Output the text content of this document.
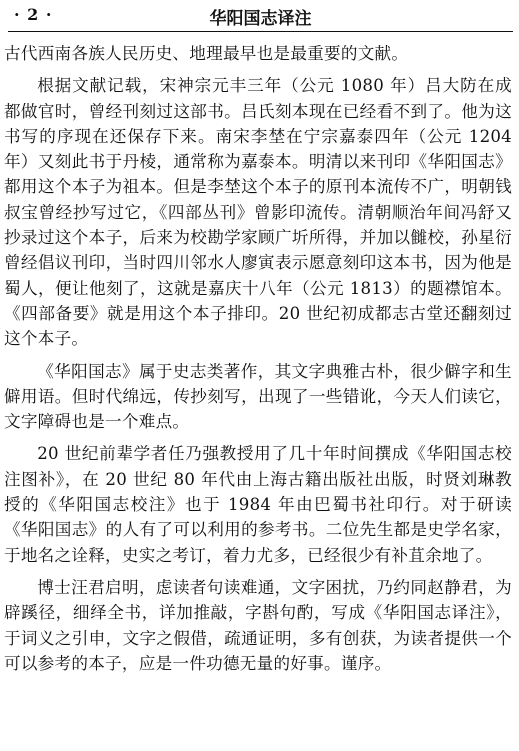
· 2 ·	华阳国志译注

古代西南各族人民历史、地理最早也是最重要的文献。

根据文献记载，宋神宗元丰三年（公元 1080 年）吕大防在成都做官时，曾经刊刻过这部书。吕氏刻本现在已经看不到了。他为这书写的序现在还保存下来。南宋李埜在宁宗嘉泰四年（公元 1204 年）又刻此书于丹棱，通常称为嘉泰本。明清以来刊印《华阳国志》都用这个本子为祖本。但是李埜这个本子的原刊本流传不广，明朝钱叔宝曾经抄写过它，《四部丛刊》曾影印流传。清朝顺治年间冯舒又抄录过这个本子，后来为校勘学家顾广圻所得，并加以雠校，孙星衍曾经倡议刊印，当时四川邻水人廖寅表示愿意刻印这本书，因为他是蜀人，便让他刻了，这就是嘉庆十八年（公元 1813）的题襟馆本。《四部备要》就是用这个本子排印。20 世纪初成都志古堂还翻刻过这个本子。

《华阳国志》属于史志类著作，其文字典雅古朴，很少僻字和生僻用语。但时代绵远，传抄刻写，出现了一些错讹，今天人们读它，文字障碍也是一个难点。

20 世纪前辈学者任乃强教授用了几十年时间撰成《华阳国志校注图补》，在 20 世纪 80 年代由上海古籍出版社出版，时贤刘琳教授的《华阳国志校注》也于 1984 年由巴蜀书社印行。对于研读《华阳国志》的人有了可以利用的参考书。二位先生都是史学名家，于地名之诠释，史实之考订，着力尤多，已经很少有补苴余地了。

博士汪君启明，虑读者句读难通，文字困扰，乃约同赵静君，为辟蹊径，细绎全书，详加推敲，字斟句酌，写成《华阳国志译注》，于词义之引申，文字之假借，疏通证明，多有创获，为读者提供一个可以参考的本子，应是一件功德无量的好事。谨序。
